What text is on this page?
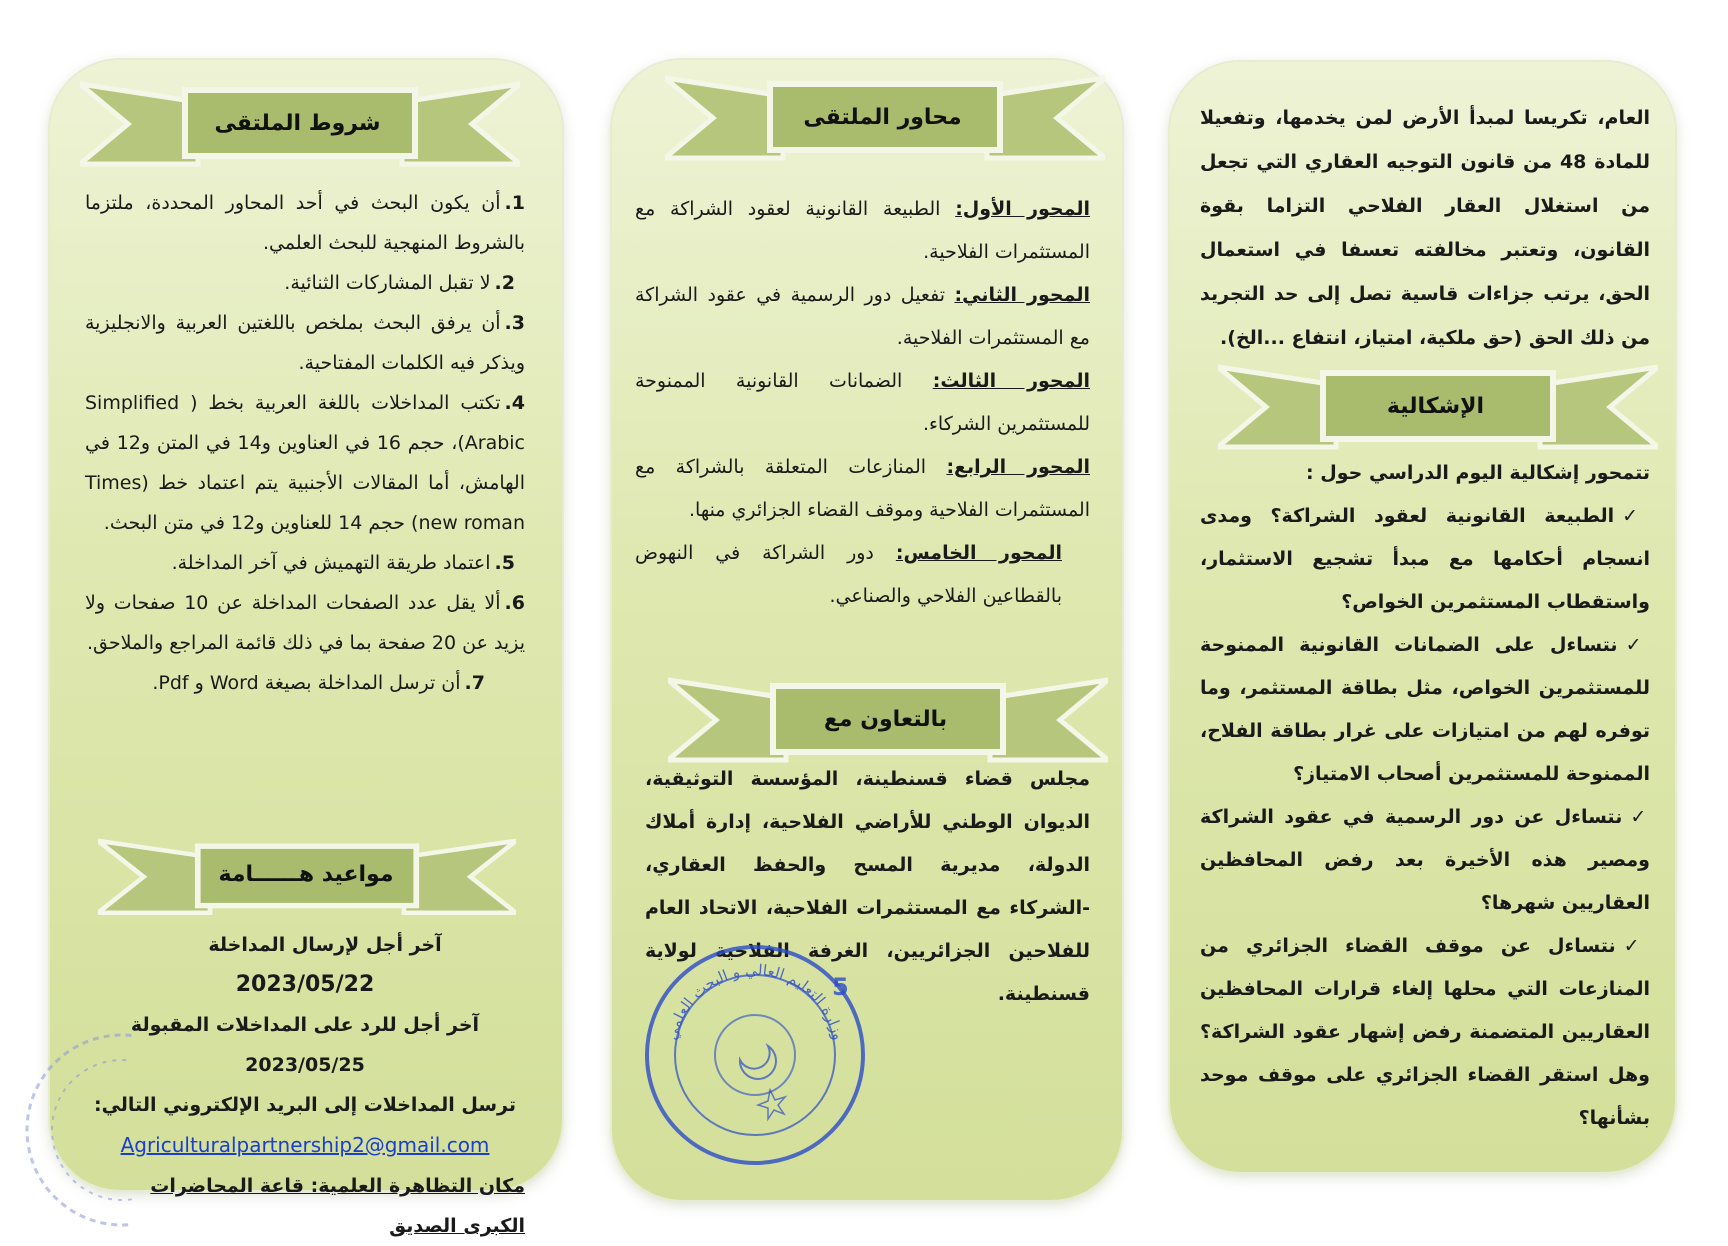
شروط الملتقى

1.أن يكون البحث في أحد المحاور المحددة، ملتزما بالشروط المنهجية للبحث العلمي.

2.لا تقبل المشاركات الثنائية.

3.أن يرفق البحث بملخص باللغتين العربية والانجليزية ويذكر فيه الكلمات المفتاحية.

4.تكتب المداخلات باللغة العربية بخط ( Simplified Arabic)، حجم 16 في العناوين و14 في المتن و12 في الهامش، أما المقالات الأجنبية يتم اعتماد خط (Times new roman) حجم 14 للعناوين و12 في متن البحث.

5.اعتماد طريقة التهميش في آخر المداخلة.

6.ألا يقل عدد الصفحات المداخلة عن 10 صفحات ولا يزيد عن 20 صفحة بما في ذلك قائمة المراجع والملاحق.

7.أن ترسل المداخلة بصيغة Word و Pdf.

مواعيد هــــــامة

آخر أجل لإرسال المداخلة

2023/05/22

آخر أجل للرد على المداخلات المقبولة 2023/05/25

ترسل المداخلات إلى البريد الإلكتروني التالي:

Agriculturalpartnership2@gmail.com

مكان التظاهرة العلمية: قاعة المحاضرات الكبرى الصديق

محاور الملتقى

المحور الأول: الطبيعة القانونية لعقود الشراكة مع المستثمرات الفلاحية.

المحور الثاني: تفعيل دور الرسمية في عقود الشراكة مع المستثمرات الفلاحية.

المحور الثالث: الضمانات القانونية الممنوحة للمستثمرين الشركاء.

المحور الرابع: المنازعات المتعلقة بالشراكة مع المستثمرات الفلاحية وموقف القضاء الجزائري منها.

المحور الخامس: دور الشراكة في النهوض بالقطاعين الفلاحي والصناعي.

بالتعاون مع
مجلس قضاء قسنطينة، المؤسسة التوثيقية، الديوان الوطني للأراضي الفلاحية، إدارة أملاك الدولة، مديرية المسح والحفظ العقاري، -الشركاء مع المستثمرات الفلاحية، الاتحاد العام للفلاحين الجزائريين، الغرفة الفلاحية لولاية قسنطينة.
وزارة التعليم العالي و البحث العلمي
5
العام، تكريسا لمبدأ الأرض لمن يخدمها، وتفعيلا للمادة 48 من قانون التوجيه العقاري التي تجعل من استغلال العقار الفلاحي التزاما بقوة القانون، وتعتبر مخالفته تعسفا في استعمال الحق، يرتب جزاءات قاسية تصل إلى حد التجريد من ذلك الحق (حق ملكية، امتياز، انتفاع ...الخ).
الإشكالية

تتمحور إشكالية اليوم الدراسي حول :

✓الطبيعة القانونية لعقود الشراكة؟ ومدى انسجام أحكامها مع مبدأ تشجيع الاستثمار، واستقطاب المستثمرين الخواص؟

✓نتساءل على الضمانات القانونية الممنوحة للمستثمرين الخواص، مثل بطاقة المستثمر، وما توفره لهم من امتيازات على غرار بطاقة الفلاح، الممنوحة للمستثمرين أصحاب الامتياز؟

✓نتساءل عن دور الرسمية في عقود الشراكة ومصير هذه الأخيرة بعد رفض المحافظين العقاريين شهرها؟

✓نتساءل عن موقف القضاء الجزائري من المنازعات التي محلها إلغاء قرارات المحافظين العقاريين المتضمنة رفض إشهار عقود الشراكة؟ وهل استقر القضاء الجزائري على موقف موحد بشأنها؟
